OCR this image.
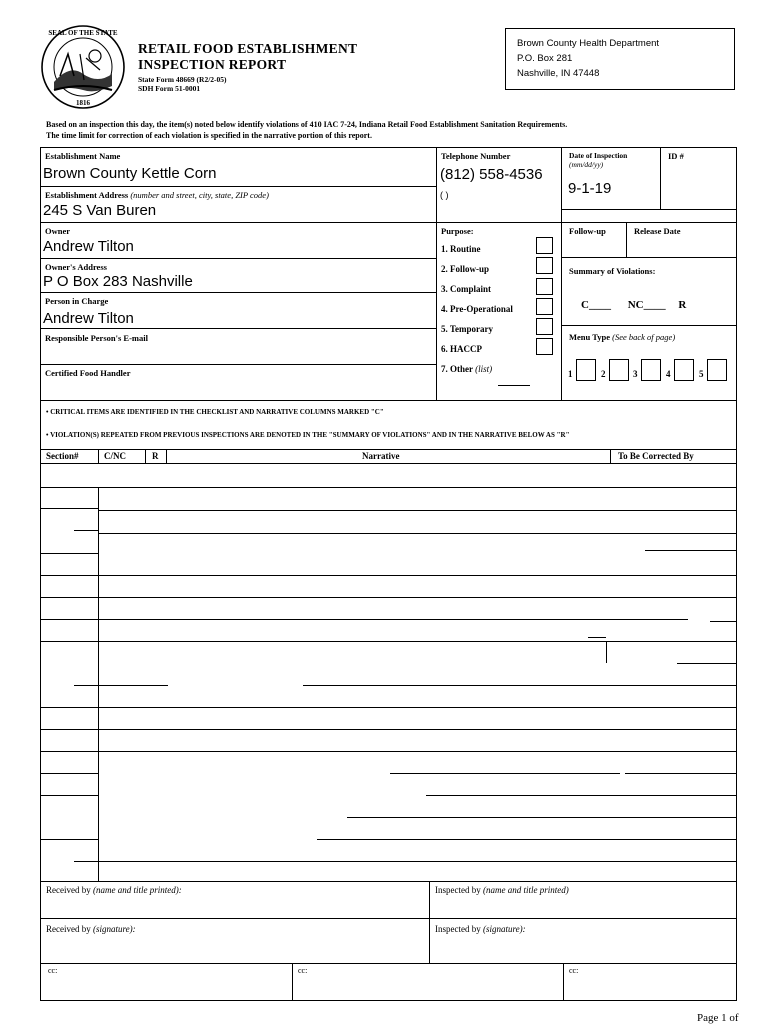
SEAL OF THE STATE
1816
RETAIL FOOD ESTABLISHMENT
INSPECTION REPORT
State Form 48669 (R2/2-05)
SDH Form 51-0001
Brown County Health Department
P.O. Box 281
Nashville, IN 47448
Based on an inspection this day, the item(s) noted below identify violations of 410 IAC 7-24, Indiana Retail Food Establishment Sanitation Requirements.
The time limit for correction of each violation is specified in the narrative portion of this report.
Establishment Name
Brown County Kettle Corn
Establishment Address (number and street, city, state, ZIP code)
245 S Van Buren
Owner
Andrew Tilton
Owner's Address
P O Box 283 Nashville
Person in Charge
Andrew Tilton
Responsible Person's E-mail
Certified Food Handler
Telephone Number
(812) 558-4536
( )
Purpose:
1. Routine
2. Follow-up
3. Complaint
4. Pre-Operational
5. Temporary
6. HACCP
7. Other (list)
Date of Inspection
(mm/dd/yy)
9-1-19
ID #
Follow-up	Release Date
Summary of Violations:
C____ NC____ R
Menu Type (See back of page)
1	2	3	4	5
• CRITICAL ITEMS ARE IDENTIFIED IN THE CHECKLIST AND NARRATIVE COLUMNS MARKED "C"
• VIOLATION(S) REPEATED FROM PREVIOUS INSPECTIONS ARE DENOTED IN THE "SUMMARY OF VIOLATIONS" AND IN THE NARRATIVE BELOW AS "R"
Section#	C/NC	R	Narrative	To Be Corrected By
Received by (name and title printed):	Inspected by (name and title printed)
Received by (signature):	Inspected by (signature):
cc:	cc:	cc:
Page 1 of
